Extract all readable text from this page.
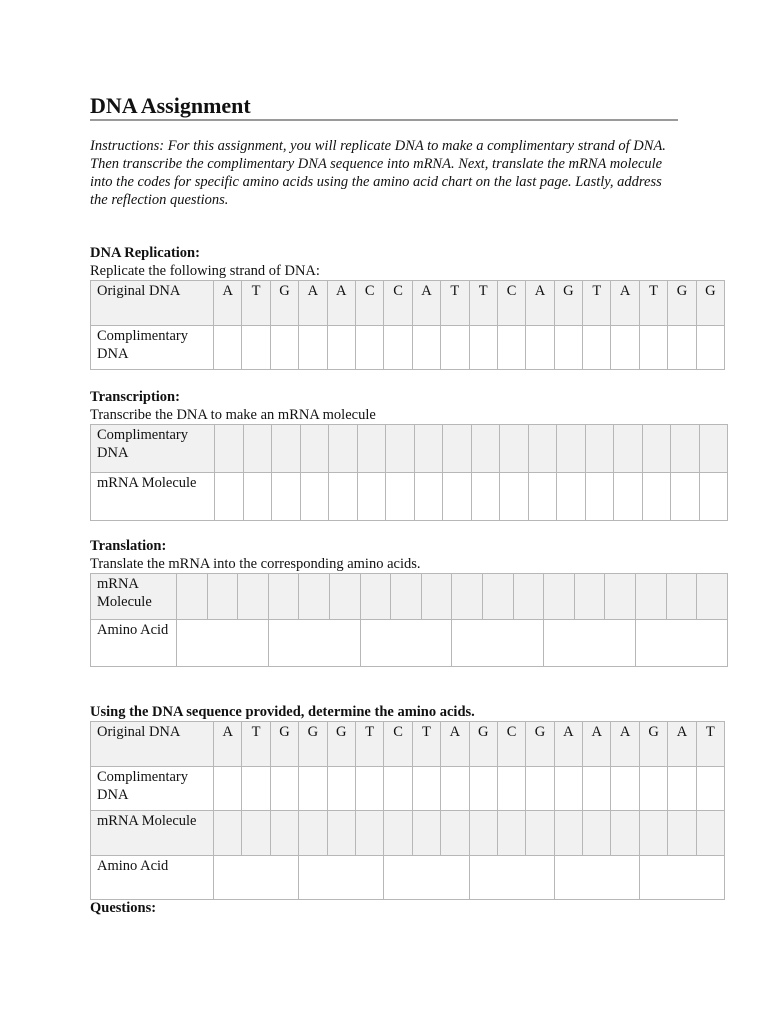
DNA Assignment
Instructions: For this assignment, you will replicate DNA to make a complimentary strand of DNA. Then transcribe the complimentary DNA sequence into mRNA. Next, translate the mRNA molecule into the codes for specific amino acids using the amino acid chart on the last page. Lastly, address the reflection questions.
DNA Replication:
Replicate the following strand of DNA:
Original DNA	A	T	G	A	A	C	C	A	T	T	C	A	G	T	A	T	G	G
Complimentary DNA																		
Transcription:
Transcribe the DNA to make an mRNA molecule
Complimentary DNA																		
mRNA Molecule																		
Translation:
Translate the mRNA into the corresponding amino acids.
mRNA Molecule																		
Amino Acid																		
Using the DNA sequence provided, determine the amino acids.
Original DNA	A	T	G	G	G	T	C	T	A	G	C	G	A	A	A	G	A	T
Complimentary DNA																		
mRNA Molecule																		
Amino Acid																		
Questions:
